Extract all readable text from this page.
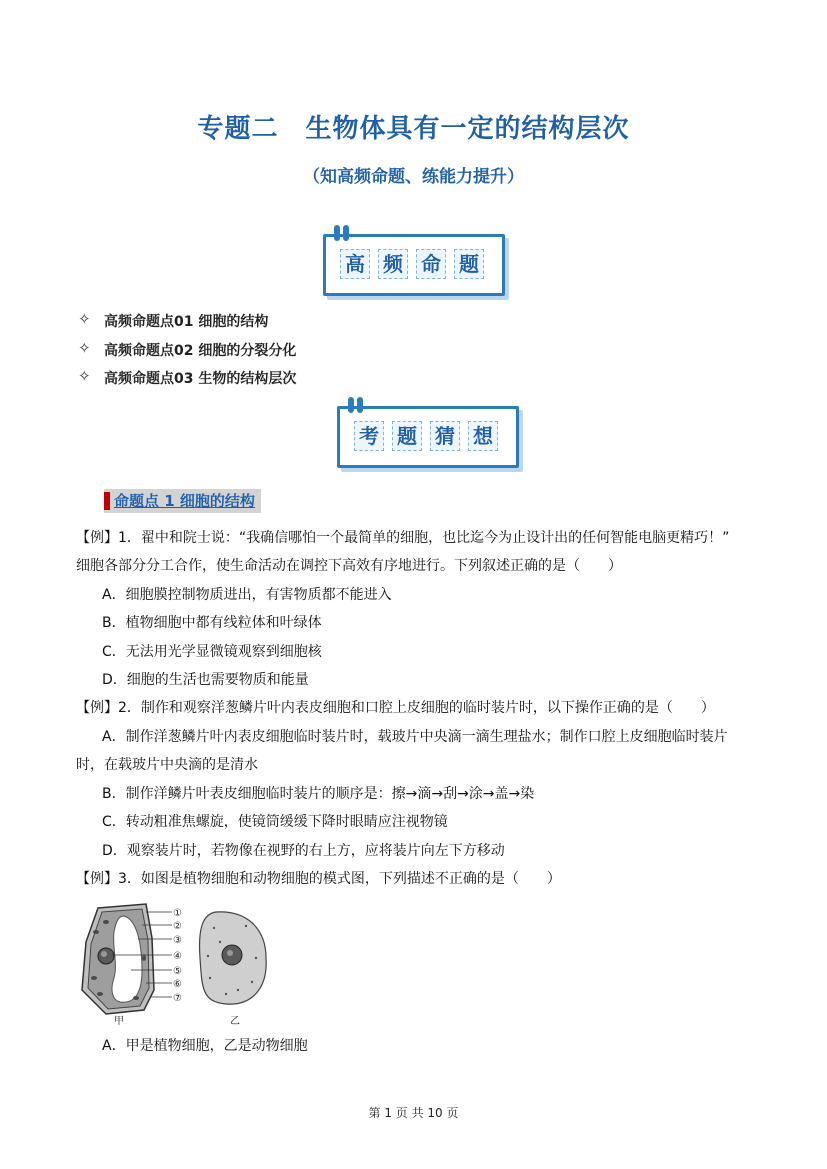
专题二　生物体具有一定的结构层次
（知高频命题、练能力提升）
高 频 命 题
✧ 高频命题点01 细胞的结构
✧ 高频命题点02 细胞的分裂分化
✧ 高频命题点03 生物的结构层次
考 题 猜 想
命题点 1 细胞的结构
【例】1．翟中和院士说：“我确信哪怕一个最简单的细胞，也比迄今为止设计出的任何智能电脑更精巧！”
细胞各部分分工合作，使生命活动在调控下高效有序地进行。下列叙述正确的是（　　）
A．细胞膜控制物质进出，有害物质都不能进入
B．植物细胞中都有线粒体和叶绿体
C．无法用光学显微镜观察到细胞核
D．细胞的生活也需要物质和能量
【例】2．制作和观察洋葱鳞片叶内表皮细胞和口腔上皮细胞的临时装片时，以下操作正确的是（　　）
A．制作洋葱鳞片叶内表皮细胞临时装片时，载玻片中央滴一滴生理盐水；制作口腔上皮细胞临时装片
时，在载玻片中央滴的是清水
B．制作洋鳞片叶表皮细胞临时装片的顺序是：擦→滴→刮→涂→盖→染
C．转动粗准焦螺旋，使镜筒缓缓下降时眼睛应注视物镜
D．观察装片时，若物像在视野的右上方，应将装片向左下方移动
【例】3．如图是植物细胞和动物细胞的模式图，下列描述不正确的是（　　）
①
②
③
④
⑤
⑥
⑦
甲	乙
A．甲是植物细胞，乙是动物细胞
第 1 页 共 10 页
